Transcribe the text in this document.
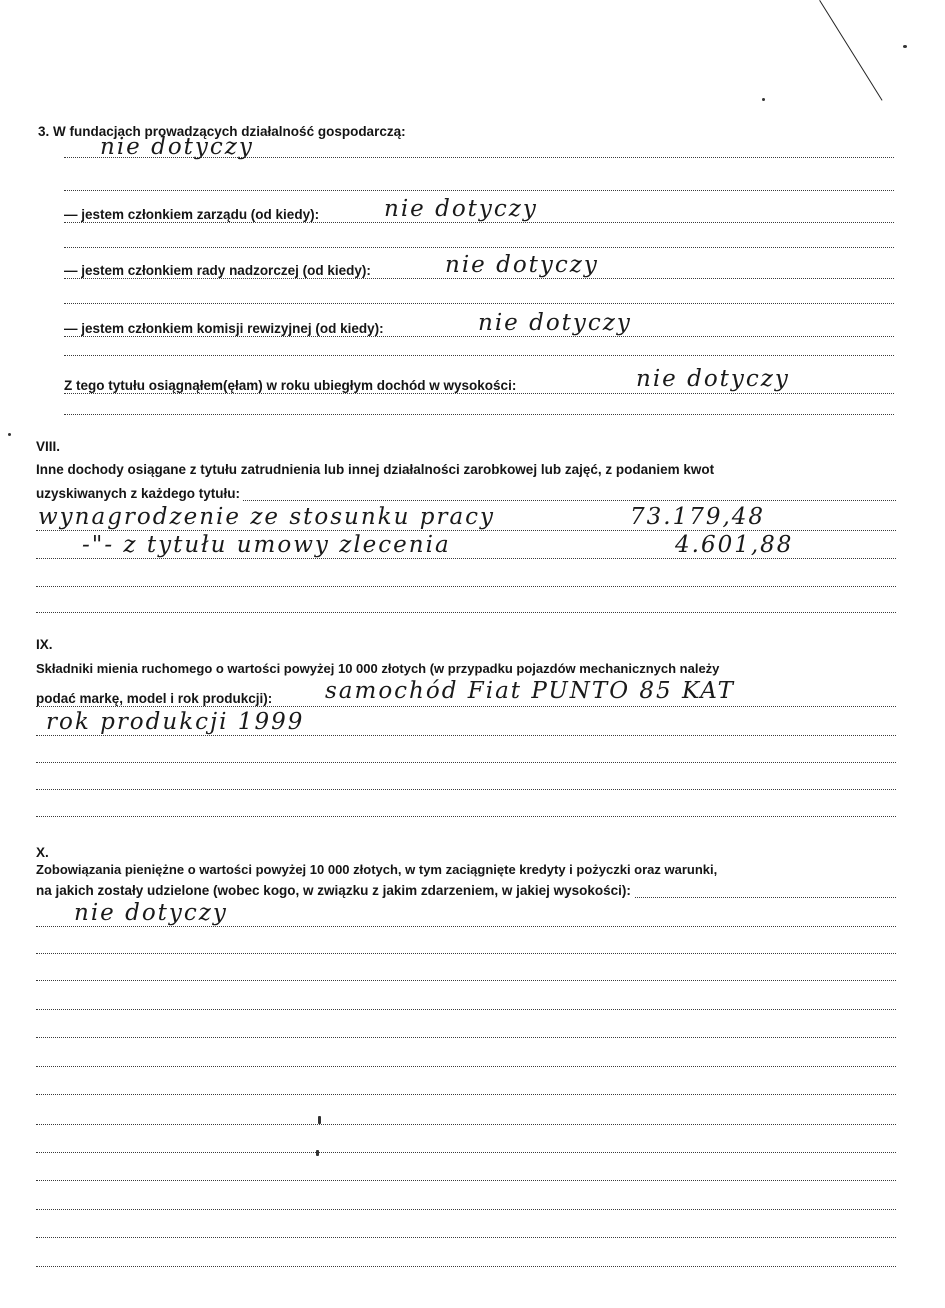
3. W fundacjach prowadzących działalność gospodarczą:
nie dotyczy
— jestem członkiem zarządu (od kiedy):	nie dotyczy
— jestem członkiem rady nadzorczej (od kiedy):	nie dotyczy
— jestem członkiem komisji rewizyjnej (od kiedy):	nie dotyczy
Z tego tytułu osiągnąłem(ęłam) w roku ubiegłym dochód w wysokości:	nie dotyczy
VIII.
Inne dochody osiągane z tytułu zatrudnienia lub innej działalności zarobkowej lub zajęć, z podaniem kwot
uzyskiwanych z każdego tytułu:
wynagrodzenie ze stosunku pracy	73.179,48
-"- z tytułu umowy zlecenia	4.601,88
IX.
Składniki mienia ruchomego o wartości powyżej 10 000 złotych (w przypadku pojazdów mechanicznych należy
podać markę, model i rok produkcji): samochód Fiat PUNTO 85 KAT
rok produkcji 1999
X.
Zobowiązania pieniężne o wartości powyżej 10 000 złotych, w tym zaciągnięte kredyty i pożyczki oraz warunki,
na jakich zostały udzielone (wobec kogo, w związku z jakim zdarzeniem, w jakiej wysokości):
nie dotyczy
